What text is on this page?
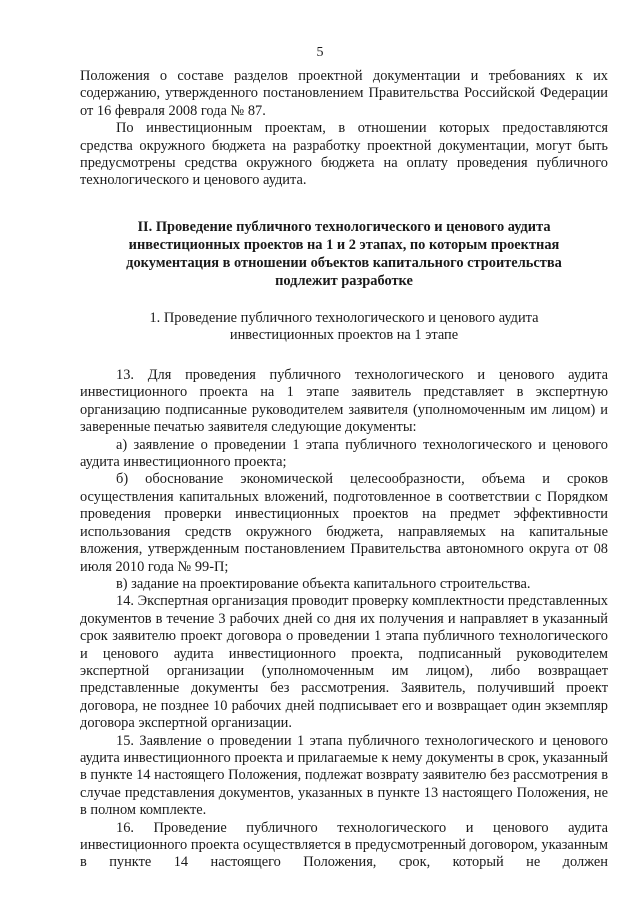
5

Положения о составе разделов проектной документации и требованиях к их содержанию, утвержденного постановлением Правительства Российской Федерации от 16 февраля 2008 года № 87.

По инвестиционным проектам, в отношении которых предоставляются средства окружного бюджета на разработку проектной документации, могут быть предусмотрены средства окружного бюджета на оплату проведения публичного технологического и ценового аудита.

II. Проведение публичного технологического и ценового аудита инвестиционных проектов на 1 и 2 этапах, по которым проектная документация в отношении объектов капитального строительства подлежит разработке
1. Проведение публичного технологического и ценового аудита инвестиционных проектов на 1 этапе

13. Для проведения публичного технологического и ценового аудита инвестиционного проекта на 1 этапе заявитель представляет в экспертную организацию подписанные руководителем заявителя (уполномоченным им лицом) и заверенные печатью заявителя следующие документы:

а) заявление о проведении 1 этапа публичного технологического и ценового аудита инвестиционного проекта;

б) обоснование экономической целесообразности, объема и сроков осуществления капитальных вложений, подготовленное в соответствии с Порядком проведения проверки инвестиционных проектов на предмет эффективности использования средств окружного бюджета, направляемых на капитальные вложения, утвержденным постановлением Правительства автономного округа от 08 июля 2010 года № 99-П;

в) задание на проектирование объекта капитального строительства.

14. Экспертная организация проводит проверку комплектности представленных документов в течение 3 рабочих дней со дня их получения и направляет в указанный срок заявителю проект договора о проведении 1 этапа публичного технологического и ценового аудита инвестиционного проекта, подписанный руководителем экспертной организации (уполномоченным им лицом), либо возвращает представленные документы без рассмотрения. Заявитель, получивший проект договора, не позднее 10 рабочих дней подписывает его и возвращает один экземпляр договора экспертной организации.

15. Заявление о проведении 1 этапа публичного технологического и ценового аудита инвестиционного проекта и прилагаемые к нему документы в срок, указанный в пункте 14 настоящего Положения, подлежат возврату заявителю без рассмотрения в случае представления документов, указанных в пункте 13 настоящего Положения, не в полном комплекте.

16. Проведение публичного технологического и ценового аудита инвестиционного проекта осуществляется в предусмотренный договором, указанным в пункте 14 настоящего Положения, срок, который не должен
